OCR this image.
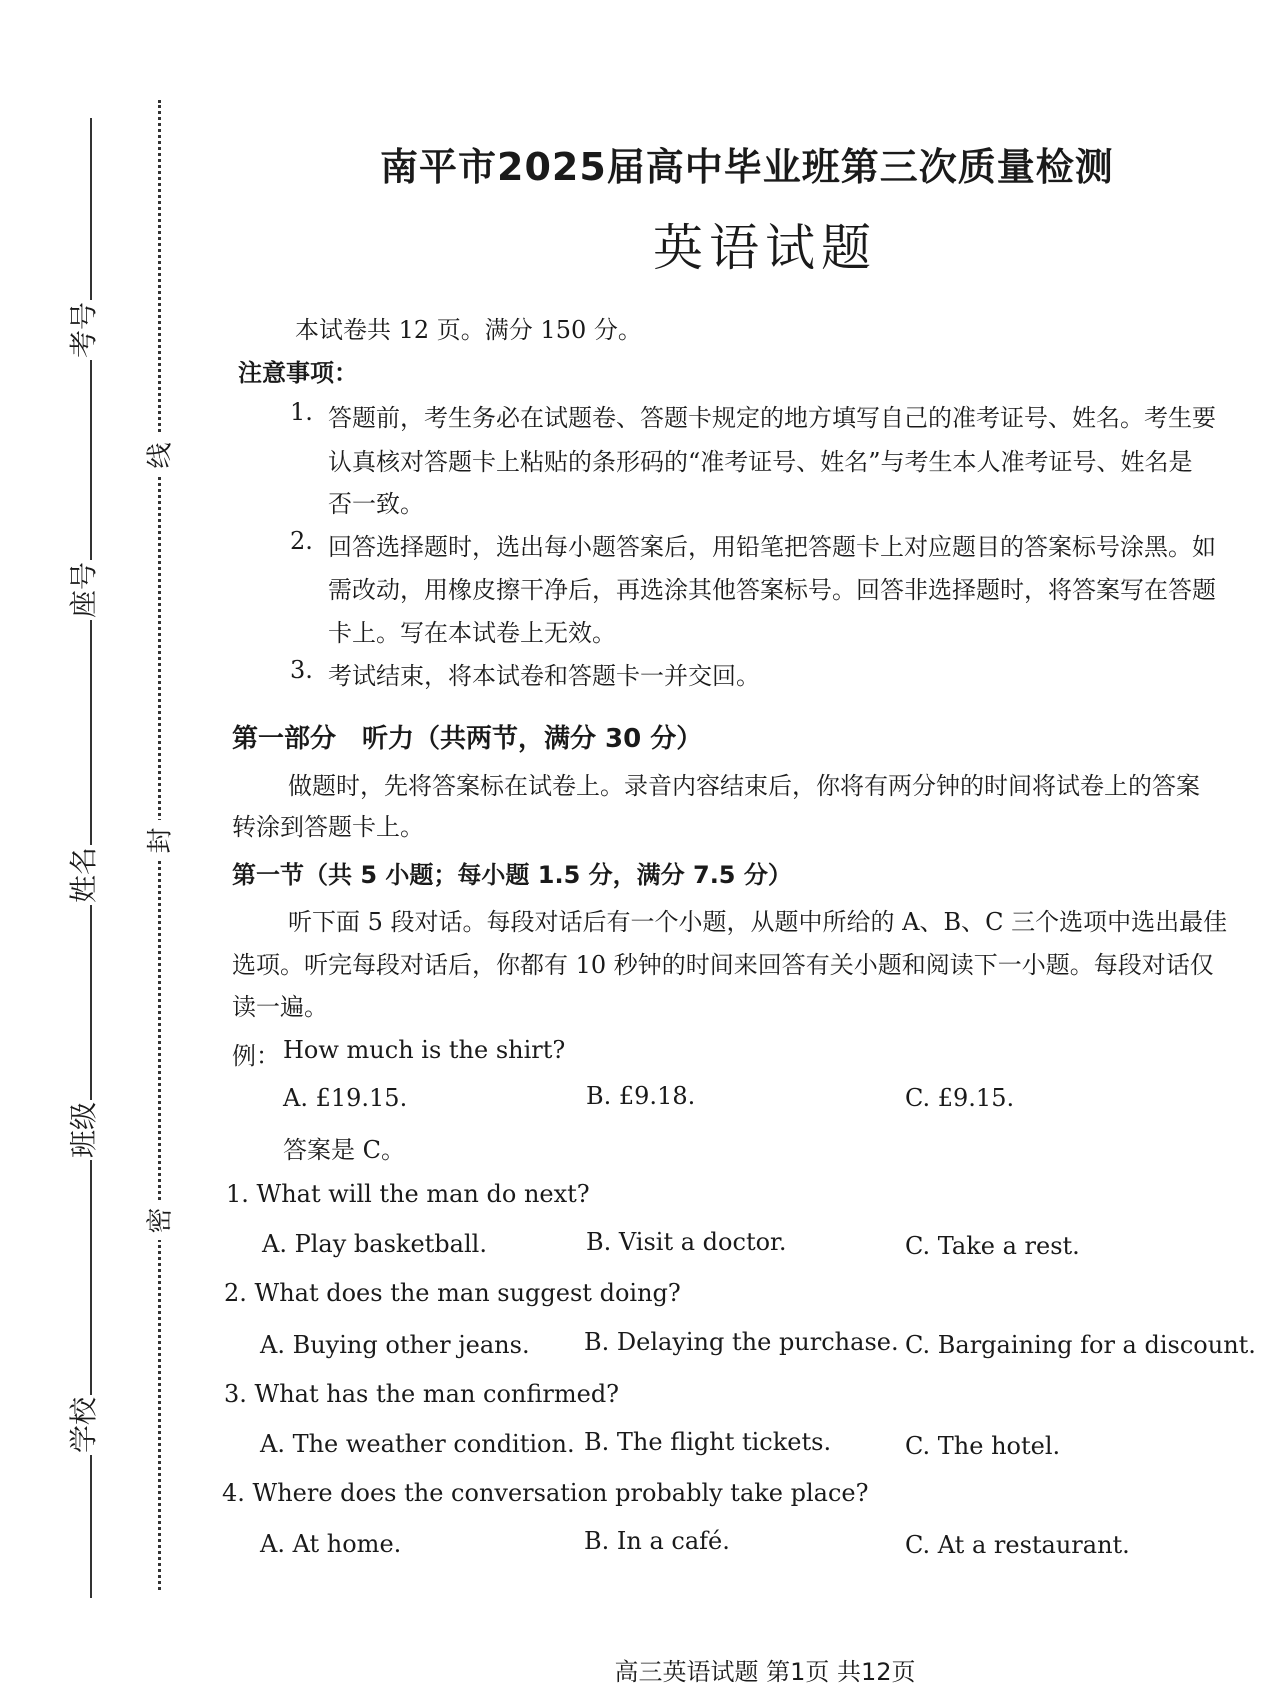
考号
座号
姓名
班级
学校
线
封
密
南平市2025届高中毕业班第三次质量检测
英语试题
本试卷共 12 页。满分 150 分。
注意事项：
1. 答题前，考生务必在试题卷、答题卡规定的地方填写自己的准考证号、姓名。考生要
认真核对答题卡上粘贴的条形码的“准考证号、姓名”与考生本人准考证号、姓名是
否一致。
2. 回答选择题时，选出每小题答案后，用铅笔把答题卡上对应题目的答案标号涂黑。如
需改动，用橡皮擦干净后，再选涂其他答案标号。回答非选择题时，将答案写在答题
卡上。写在本试卷上无效。
3. 考试结束，将本试卷和答题卡一并交回。
第一部分　听力（共两节，满分 30 分）
做题时，先将答案标在试卷上。录音内容结束后，你将有两分钟的时间将试卷上的答案
转涂到答题卡上。
第一节（共 5 小题；每小题 1.5 分，满分 7.5 分）
听下面 5 段对话。每段对话后有一个小题，从题中所给的 A、B、C 三个选项中选出最佳
选项。听完每段对话后，你都有 10 秒钟的时间来回答有关小题和阅读下一小题。每段对话仅
读一遍。
例： How much is the shirt?
A. £19.15.	B. £9.18.	C. £9.15.
答案是 C。
1. What will the man do next?
A. Play basketball.	B. Visit a doctor.	C. Take a rest.
2. What does the man suggest doing?
A. Buying other jeans. B. Delaying the purchase. C. Bargaining for a discount.
3. What has the man confirmed?
A. The weather condition. B. The flight tickets.	C. The hotel.
4. Where does the conversation probably take place?
A. At home.	B. In a café.	C. At a restaurant.
高三英语试题 第1页 共12页
